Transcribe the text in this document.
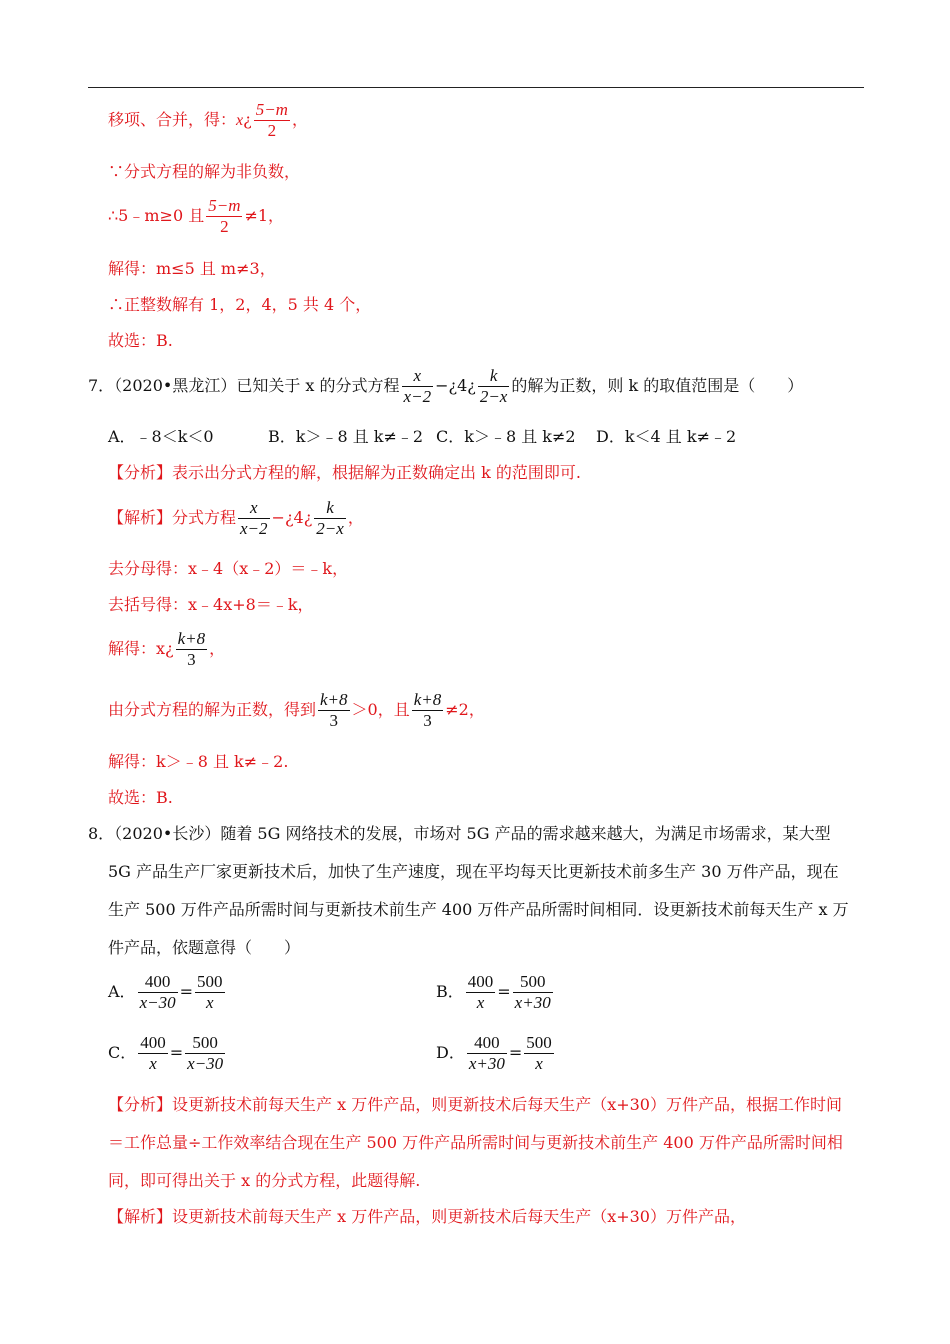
移项、合并，得：x¿ $\frac{5-m}{2}$ ，
∵分式方程的解为非负数，
∴5﹣m≥0 且 $\frac{5-m}{2} \ne 1$，
解得：m≤5 且 m≠3，
∴正整数解有 1，2，4，5 共 4 个，
故选：B.
7．（2020•黑龙江）已知关于 x 的分式方程 $\frac{x}{x-2}$ −¿4¿ $\frac{k}{2-x}$ 的解为正数，则 k 的取值范围是（　　）
A．﹣8＜k＜0	B．k＞﹣8 且 k≠﹣2 C．k＞﹣8 且 k≠2 D．k＜4 且 k≠﹣2
【分析】表示出分式方程的解，根据解为正数确定出 k 的范围即可.
【解析】分式方程 $\frac{x}{x-2}$ −¿4¿ $\frac{k}{2-x}$ ，
去分母得：x﹣4（x﹣2）＝﹣k，
去括号得：x﹣4x+8＝﹣k，
解得：x¿ $\frac{k+8}{3}$ ，
由分式方程的解为正数，得到 $\frac{k+8}{3} >0$，且 $\frac{k+8}{3} \ne 2$，
解得：k＞﹣8 且 k≠﹣2.
故选：B.
8．（2020•长沙）随着 5G 网络技术的发展，市场对 5G 产品的需求越来越大，为满足市场需求，某大型
5G 产品生产厂家更新技术后，加快了生产速度，现在平均每天比更新技术前多生产 30 万件产品，现在
生产 500 万件产品所需时间与更新技术前生产 400 万件产品所需时间相同．设更新技术前每天生产 x 万
件产品，依题意得（　　）
A． $\frac{400}{x-30} = \frac{500}{x}$	B． $\frac{400}{x} = \frac{500}{x+30}$
C． $\frac{400}{x} = \frac{500}{x-30}$	D． $\frac{400}{x+30} = \frac{500}{x}$
【分析】设更新技术前每天生产 x 万件产品，则更新技术后每天生产（x+30）万件产品，根据工作时间
＝工作总量÷工作效率结合现在生产 500 万件产品所需时间与更新技术前生产 400 万件产品所需时间相
同，即可得出关于 x 的分式方程，此题得解.
【解析】设更新技术前每天生产 x 万件产品，则更新技术后每天生产（x+30）万件产品，
